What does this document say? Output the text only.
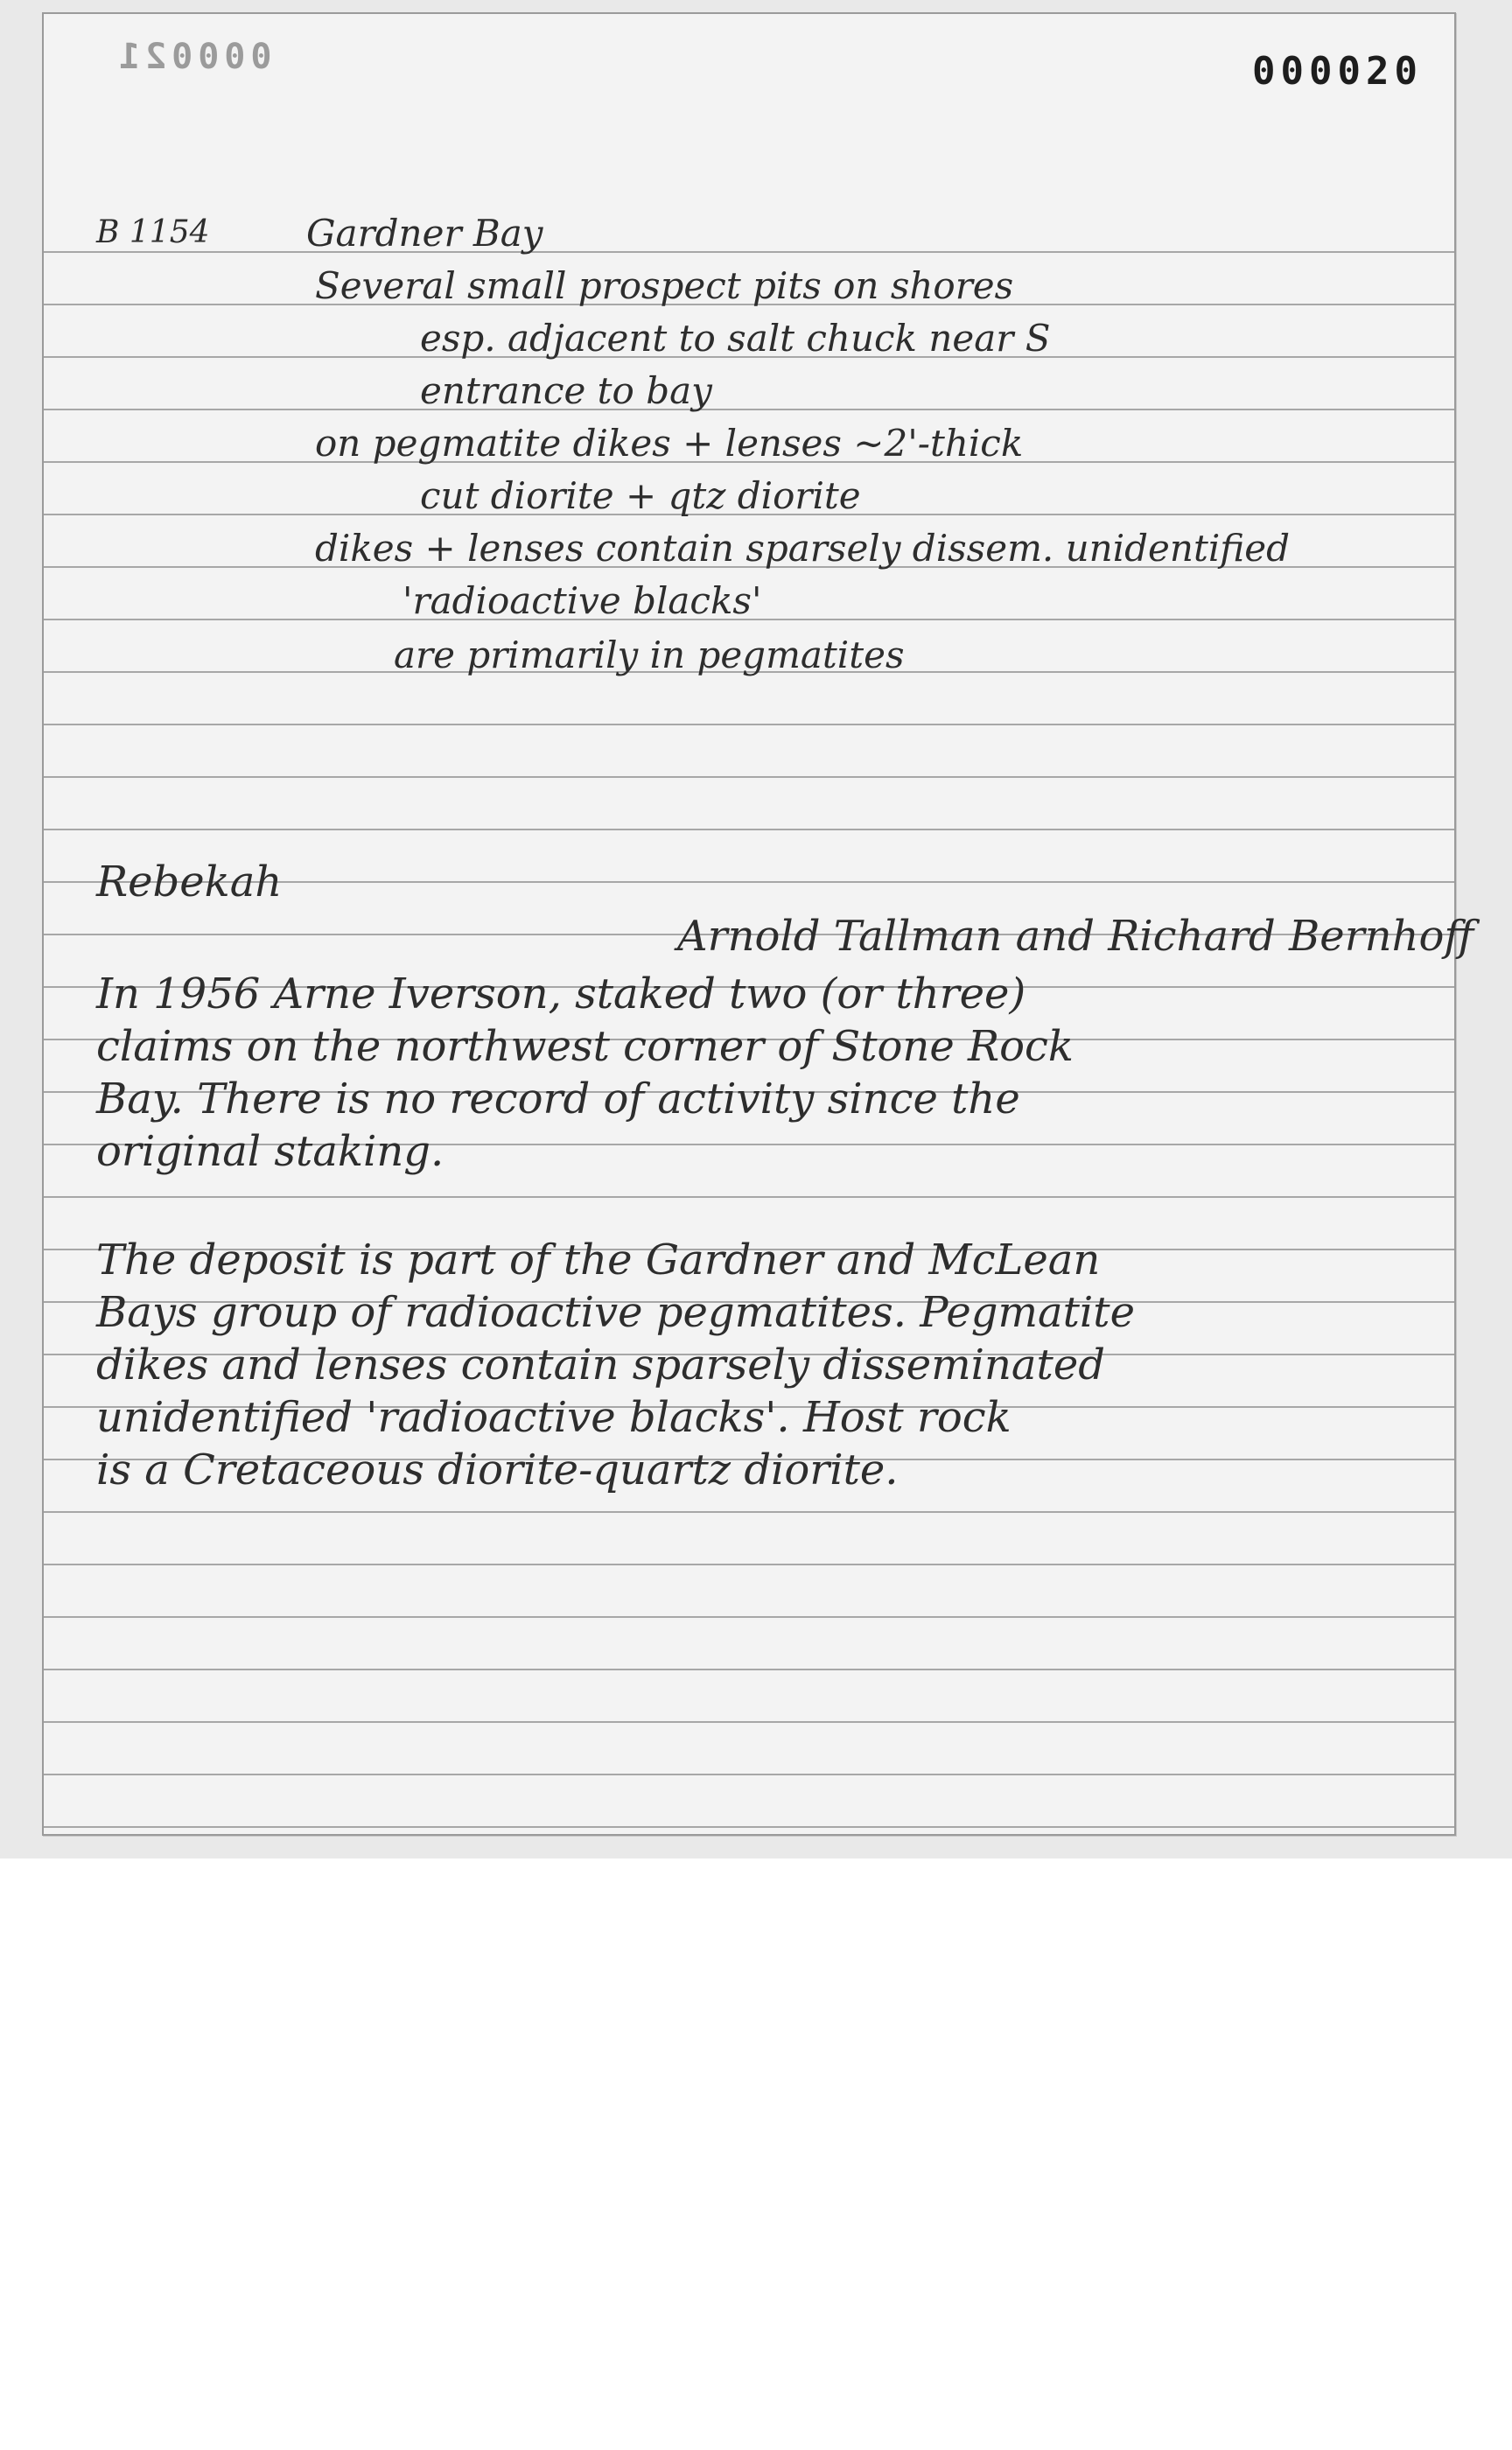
000021	000020
B 1154	Gardner Bay
Several small prospect pits on shores
esp. adjacent to salt chuck near S
entrance to bay
on pegmatite dikes + lenses ~2'-thick
cut diorite + qtz diorite
dikes + lenses contain sparsely dissem. unidentified
'radioactive blacks'
are primarily in pegmatites
Rebekah
Arnold Tallman and Richard Bernhoff
In 1956 Arne Iverson, staked two (or three)
claims on the northwest corner of Stone Rock
Bay. There is no record of activity since the
original staking.
The deposit is part of the Gardner and McLean
Bays group of radioactive pegmatites. Pegmatite
dikes and lenses contain sparsely disseminated
unidentified 'radioactive blacks'. Host rock
is a Cretaceous diorite-quartz diorite.
